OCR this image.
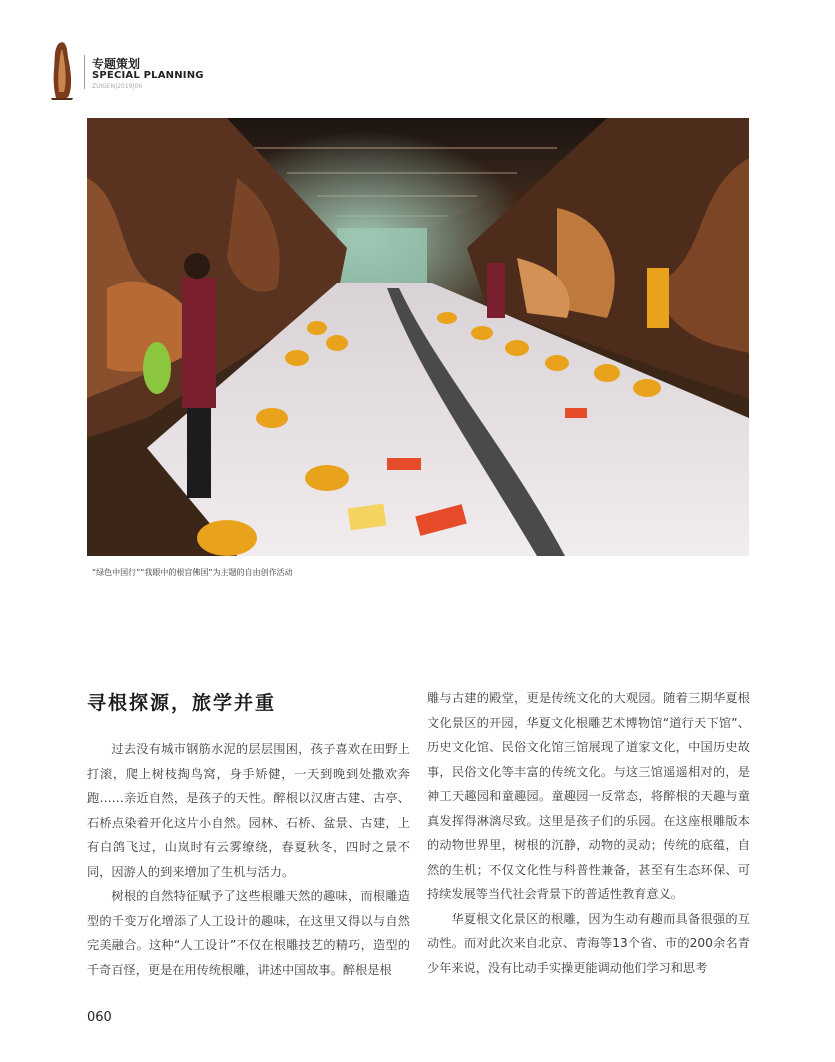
专题策划
SPECIAL PLANNING
ZUIGEN|2019|06
“绿色中国行”“我眼中的根宫佛国”为主题的自由创作活动
寻根探源，旅学并重

过去没有城市钢筋水泥的层层围困，孩子喜欢在田野上打滚，爬上树枝掏鸟窝，身手矫健，一天到晚到处撒欢奔跑……亲近自然，是孩子的天性。醉根以汉唐古建、古亭、石桥点染着开化这片小自然。园林、石桥、盆景、古建，上有白鸽飞过，山岚时有云雾缭绕，春夏秋冬，四时之景不同，因游人的到来增加了生机与活力。

树根的自然特征赋予了这些根雕天然的趣味，而根雕造型的千变万化增添了人工设计的趣味，在这里又得以与自然完美融合。这种“人工设计”不仅在根雕技艺的精巧，造型的千奇百怪，更是在用传统根雕，讲述中国故事。醉根是根

雕与古建的殿堂，更是传统文化的大观园。随着三期华夏根文化景区的开园，华夏文化根雕艺术博物馆“道行天下馆”、历史文化馆、民俗文化馆三馆展现了道家文化，中国历史故事，民俗文化等丰富的传统文化。与这三馆遥遥相对的，是神工天趣园和童趣园。童趣园一反常态，将醉根的天趣与童真发挥得淋漓尽致。这里是孩子们的乐园。在这座根雕版本的动物世界里，树根的沉静，动物的灵动；传统的底蕴，自然的生机；不仅文化性与科普性兼备，甚至有生态环保、可持续发展等当代社会背景下的普适性教育意义。

华夏根文化景区的根雕，因为生动有趣而具备很强的互动性。而对此次来自北京、青海等13个省、市的200余名青少年来说，没有比动手实操更能调动他们学习和思考

060
